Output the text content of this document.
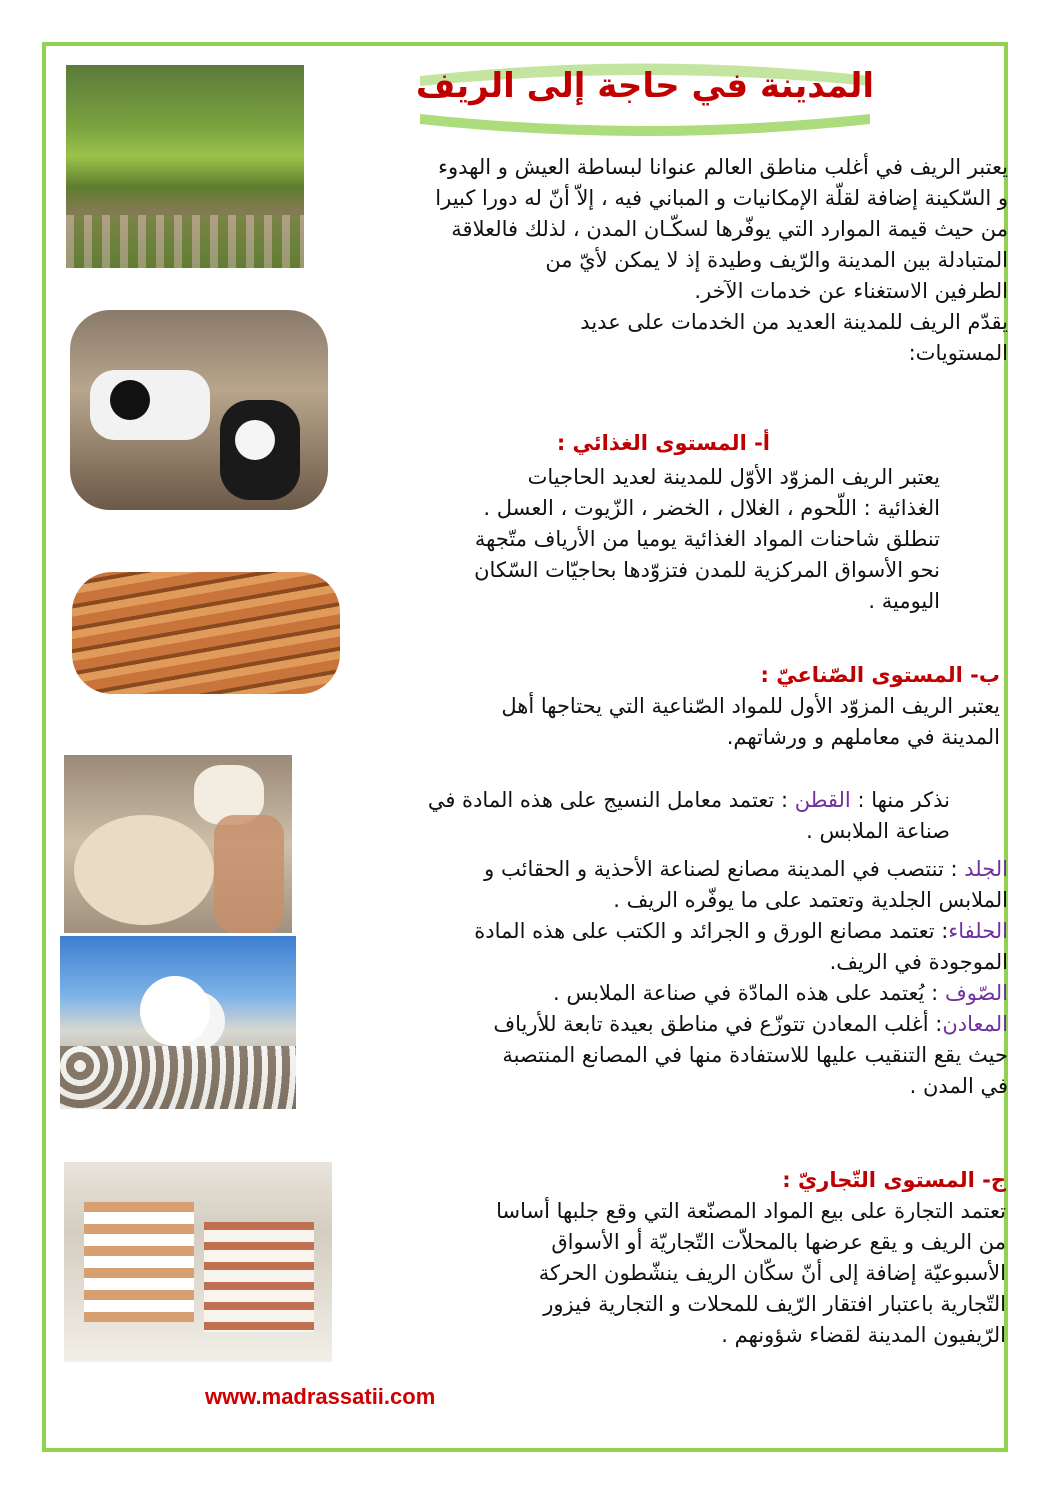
المدينة في حاجة إلى الريف

يعتبر الريف في أغلب مناطق العالم عنوانا لبساطة العيش و الهدوء

و السّكينة إضافة لقلّة الإمكانيات و المباني فيه ، إلاّ أنّ له دورا كبيرا

من حيث قيمة الموارد التي يوفّرها لسكّـان المدن ، لذلك فالعلاقة

المتبادلة بين المدينة والرّيف وطيدة إذ لا يمكن لأيّ من

الطرفين الاستغناء عن خدمات الآخر.

يقدّم الريف للمدينة العديد من الخدمات على عديد

المستويات:

أ- المستوى الغذائي :

يعتبر الريف المزوّد الأوّل للمدينة لعديد الحاجيات

الغذائية : اللّحوم ، الغلال ، الخضر ، الزّيوت ، العسل .

تنطلق شاحنات المواد الغذائية يوميا من الأرياف متّجهة

نحو الأسواق المركزية للمدن فتزوّدها بحاجيّات السّكان

اليومية .

ب- المستوى الصّناعيّ :

يعتبر الريف المزوّد الأول للمواد الصّناعية التي يحتاجها أهل

المدينة في معاملهم و ورشاتهم.

نذكر منها : القطن : تعتمد معامل النسيج على هذه المادة في

صناعة الملابس .

الجلد : تنتصب في المدينة مصانع لصناعة الأحذية و الحقائب و

الملابس الجلدية وتعتمد على ما يوفّره الريف .

الحلفاء: تعتمد مصانع الورق و الجرائد و الكتب على هذه المادة

الموجودة في الريف.

الصّوف : يُعتمد على هذه المادّة في صناعة الملابس .

المعادن: أغلب المعادن تتوزّع في مناطق بعيدة تابعة للأرياف

حيث يقع التنقيب عليها للاستفادة منها في المصانع المنتصبة

في المدن .

ج- المستوى التّجاريّ :

تعتمد التجارة على بيع المواد المصنّعة التي وقع جلبها أساسا

من الريف و يقع عرضها بالمحلاّت التّجاريّة أو الأسواق

الأسبوعيّة إضافة إلى أنّ سكّان الريف ينشّطون الحركة

التّجارية باعتبار افتقار الرّيف للمحلات و التجارية فيزور

الرّيفيون المدينة لقضاء شؤونهم .

www.madrassatii.com
